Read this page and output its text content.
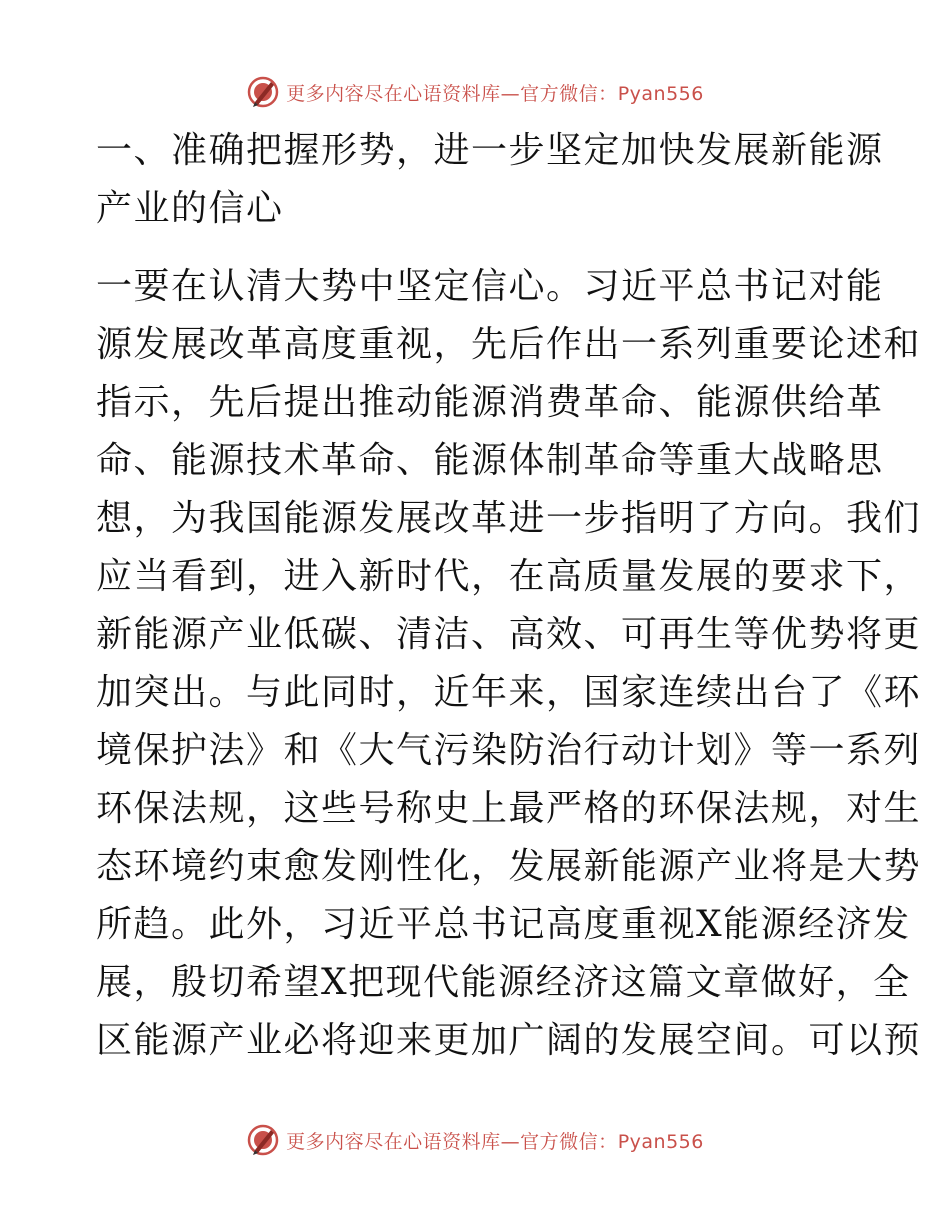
更多内容尽在心语资料库—官方微信：Pyan556
一、准确把握形势，进一步坚定加快发展新能源
产业的信心
一要在认清大势中坚定信心。习近平总书记对能
源发展改革高度重视，先后作出一系列重要论述和
指示，先后提出推动能源消费革命、能源供给革
命、能源技术革命、能源体制革命等重大战略思
想，为我国能源发展改革进一步指明了方向。我们
应当看到，进入新时代，在高质量发展的要求下，
新能源产业低碳、清洁、高效、可再生等优势将更
加突出。与此同时，近年来，国家连续出台了《环
境保护法》和《大气污染防治行动计划》等一系列
环保法规，这些号称史上最严格的环保法规，对生
态环境约束愈发刚性化，发展新能源产业将是大势
所趋。此外，习近平总书记高度重视X能源经济发
展，殷切希望X把现代能源经济这篇文章做好，全
区能源产业必将迎来更加广阔的发展空间。可以预
更多内容尽在心语资料库—官方微信：Pyan556
